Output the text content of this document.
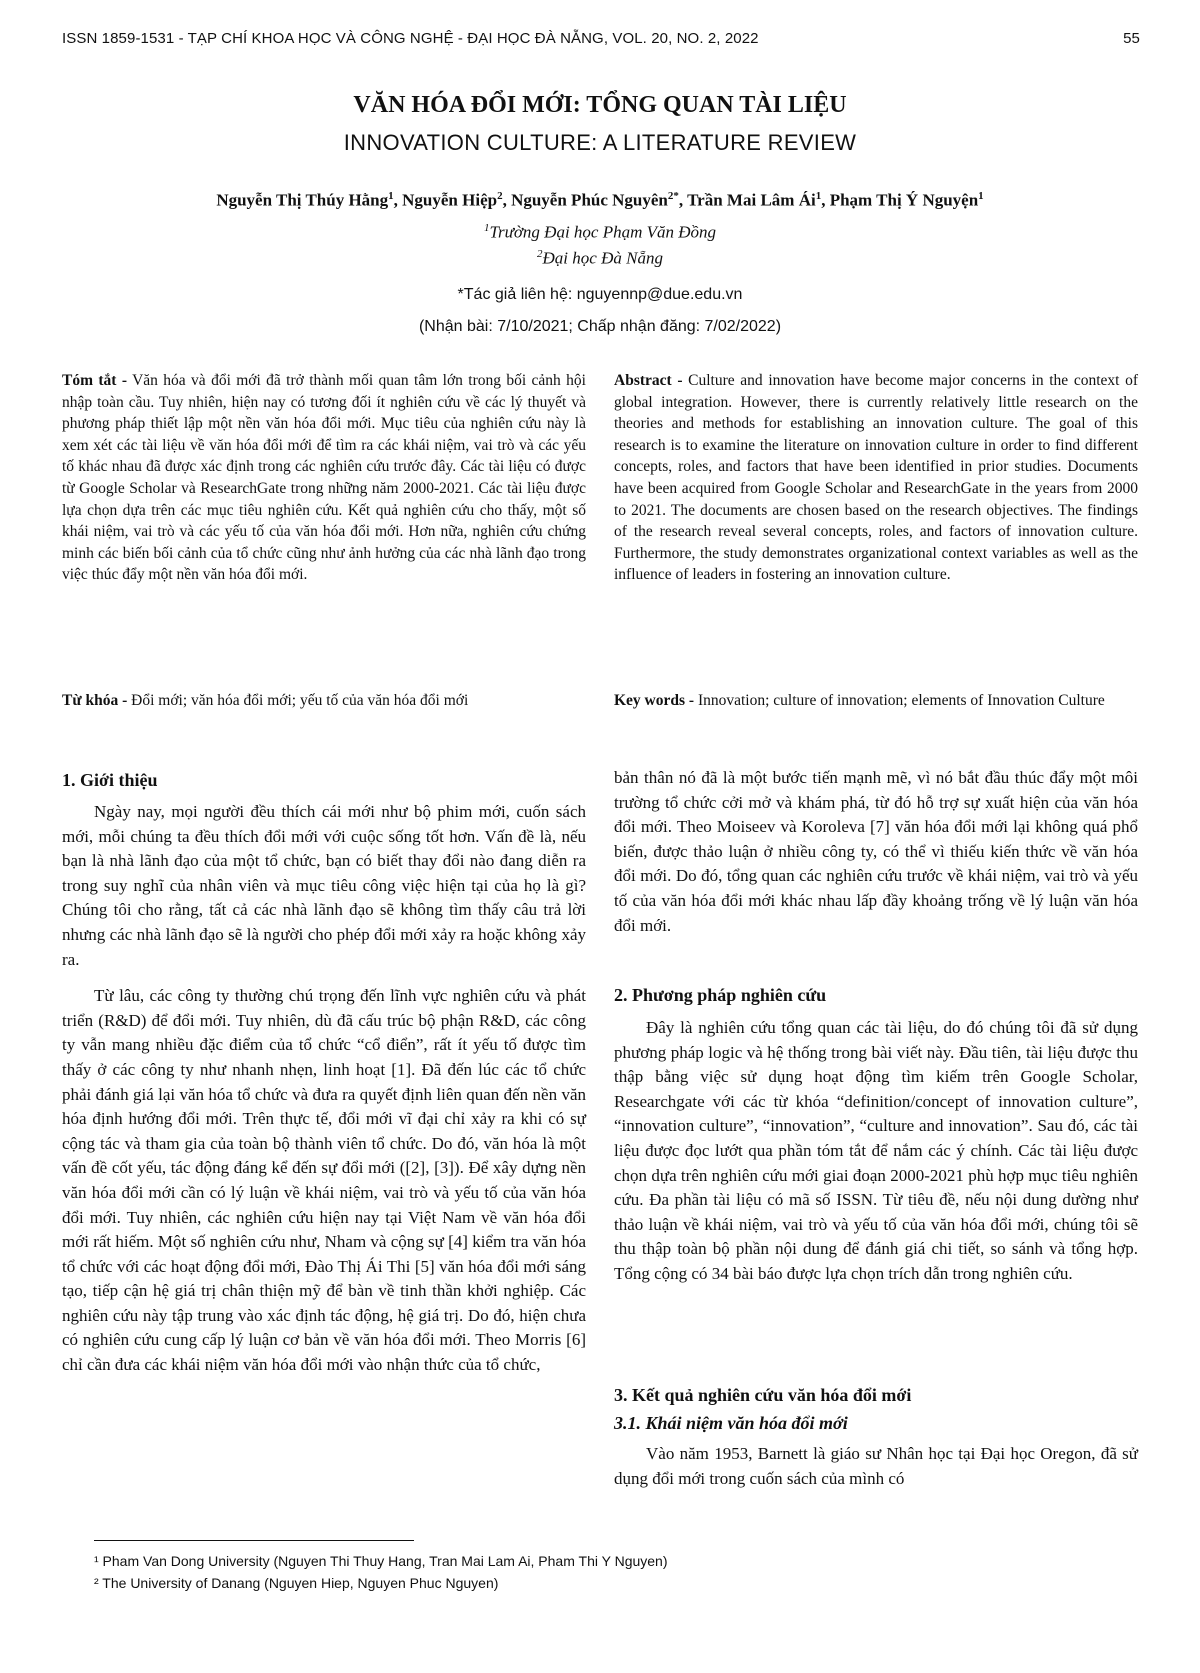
ISSN 1859-1531 - TẠP CHÍ KHOA HỌC VÀ CÔNG NGHỆ - ĐẠI HỌC ĐÀ NẴNG, VOL. 20, NO. 2, 2022	55
VĂN HÓA ĐỔI MỚI: TỔNG QUAN TÀI LIỆU
INNOVATION CULTURE: A LITERATURE REVIEW
Nguyễn Thị Thúy Hằng$^1$, Nguyễn Hiệp$^2$, Nguyễn Phúc Nguyên$^{2*}$, Trần Mai Lâm $Ái^1$, Phạm Thị Ý Nguyện$^1$
$^1$Trường Đại học Phạm Văn Đồng
$^2$Đại học Đà Nẵng
*Tác giả liên hệ: nguyennp@due.edu.vn
(Nhận bài: 7/10/2021; Chấp nhận đăng: 7/02/2022)
Tóm tắt - Văn hóa và đổi mới đã trở thành mối quan tâm lớn trong bối cảnh hội nhập toàn cầu. Tuy nhiên, hiện nay có tương đối ít nghiên cứu về các lý thuyết và phương pháp thiết lập một nền văn hóa đổi mới. Mục tiêu của nghiên cứu này là xem xét các tài liệu về văn hóa đổi mới để tìm ra các khái niệm, vai trò và các yếu tố khác nhau đã được xác định trong các nghiên cứu trước đây. Các tài liệu có được từ Google Scholar và ResearchGate trong những năm 2000-2021. Các tài liệu được lựa chọn dựa trên các mục tiêu nghiên cứu. Kết quả nghiên cứu cho thấy, một số khái niệm, vai trò và các yếu tố của văn hóa đổi mới. Hơn nữa, nghiên cứu chứng minh các biến bối cảnh của tổ chức cũng như ảnh hưởng của các nhà lãnh đạo trong việc thúc đẩy một nền văn hóa đổi mới.
Từ khóa - Đổi mới; văn hóa đổi mới; yếu tố của văn hóa đổi mới
Abstract - Culture and innovation have become major concerns in the context of global integration. However, there is currently relatively little research on the theories and methods for establishing an innovation culture. The goal of this research is to examine the literature on innovation culture in order to find different concepts, roles, and factors that have been identified in prior studies. Documents have been acquired from Google Scholar and ResearchGate in the years from 2000 to 2021. The documents are chosen based on the research objectives. The findings of the research reveal several concepts, roles, and factors of innovation culture. Furthermore, the study demonstrates organizational context variables as well as the influence of leaders in fostering an innovation culture.
Key words - Innovation; culture of innovation; elements of Innovation Culture
1. Giới thiệu

Ngày nay, mọi người đều thích cái mới như bộ phim mới, cuốn sách mới, mỗi chúng ta đều thích đổi mới với cuộc sống tốt hơn. Vấn đề là, nếu bạn là nhà lãnh đạo của một tổ chức, bạn có biết thay đổi nào đang diễn ra trong suy nghĩ của nhân viên và mục tiêu công việc hiện tại của họ là gì? Chúng tôi cho rằng, tất cả các nhà lãnh đạo sẽ không tìm thấy câu trả lời nhưng các nhà lãnh đạo sẽ là người cho phép đổi mới xảy ra hoặc không xảy ra.

Từ lâu, các công ty thường chú trọng đến lĩnh vực nghiên cứu và phát triển (R&D) để đổi mới. Tuy nhiên, dù đã cấu trúc bộ phận R&D, các công ty vẫn mang nhiều đặc điểm của tổ chức “cổ điển”, rất ít yếu tố được tìm thấy ở các công ty như nhanh nhẹn, linh hoạt [1]. Đã đến lúc các tổ chức phải đánh giá lại văn hóa tổ chức và đưa ra quyết định liên quan đến nền văn hóa định hướng đổi mới. Trên thực tế, đổi mới vĩ đại chỉ xảy ra khi có sự cộng tác và tham gia của toàn bộ thành viên tổ chức. Do đó, văn hóa là một vấn đề cốt yếu, tác động đáng kể đến sự đổi mới ([2], [3]). Để xây dựng nền văn hóa đổi mới cần có lý luận về khái niệm, vai trò và yếu tố của văn hóa đổi mới. Tuy nhiên, các nghiên cứu hiện nay tại Việt Nam về văn hóa đổi mới rất hiếm. Một số nghiên cứu như, Nham và cộng sự [4] kiểm tra văn hóa tổ chức với các hoạt động đổi mới, Đào Thị Ái Thi [5] văn hóa đổi mới sáng tạo, tiếp cận hệ giá trị chân thiện mỹ để bàn về tinh thần khởi nghiệp. Các nghiên cứu này tập trung vào xác định tác động, hệ giá trị. Do đó, hiện chưa có nghiên cứu cung cấp lý luận cơ bản về văn hóa đổi mới. Theo Morris [6] chỉ cần đưa các khái niệm văn hóa đổi mới vào nhận thức của tổ chức,

bản thân nó đã là một bước tiến mạnh mẽ, vì nó bắt đầu thúc đẩy một môi trường tổ chức cởi mở và khám phá, từ đó hỗ trợ sự xuất hiện của văn hóa đổi mới. Theo Moiseev và Koroleva [7] văn hóa đổi mới lại không quá phổ biến, được thảo luận ở nhiều công ty, có thể vì thiếu kiến thức về văn hóa đổi mới. Do đó, tổng quan các nghiên cứu trước về khái niệm, vai trò và yếu tố của văn hóa đổi mới khác nhau lấp đầy khoảng trống về lý luận văn hóa đổi mới.

2. Phương pháp nghiên cứu

Đây là nghiên cứu tổng quan các tài liệu, do đó chúng tôi đã sử dụng phương pháp logic và hệ thống trong bài viết này. Đầu tiên, tài liệu được thu thập bằng việc sử dụng hoạt động tìm kiếm trên Google Scholar, Researchgate với các từ khóa “definition/concept of innovation culture”, “innovation culture”, “innovation”, “culture and innovation”. Sau đó, các tài liệu được đọc lướt qua phần tóm tắt để nắm các ý chính. Các tài liệu được chọn dựa trên nghiên cứu mới giai đoạn 2000-2021 phù hợp mục tiêu nghiên cứu. Đa phần tài liệu có mã số ISSN. Từ tiêu đề, nếu nội dung dường như thảo luận về khái niệm, vai trò và yếu tố của văn hóa đổi mới, chúng tôi sẽ thu thập toàn bộ phần nội dung để đánh giá chi tiết, so sánh và tổng hợp. Tổng cộng có 34 bài báo được lựa chọn trích dẫn trong nghiên cứu.

3. Kết quả nghiên cứu văn hóa đổi mới
3.1. Khái niệm văn hóa đổi mới

Vào năm 1953, Barnett là giáo sư Nhân học tại Đại học Oregon, đã sử dụng đổi mới trong cuốn sách của mình có

¹ Pham Van Dong University (Nguyen Thi Thuy Hang, Tran Mai Lam Ai, Pham Thi Y Nguyen)
² The University of Danang (Nguyen Hiep, Nguyen Phuc Nguyen)
